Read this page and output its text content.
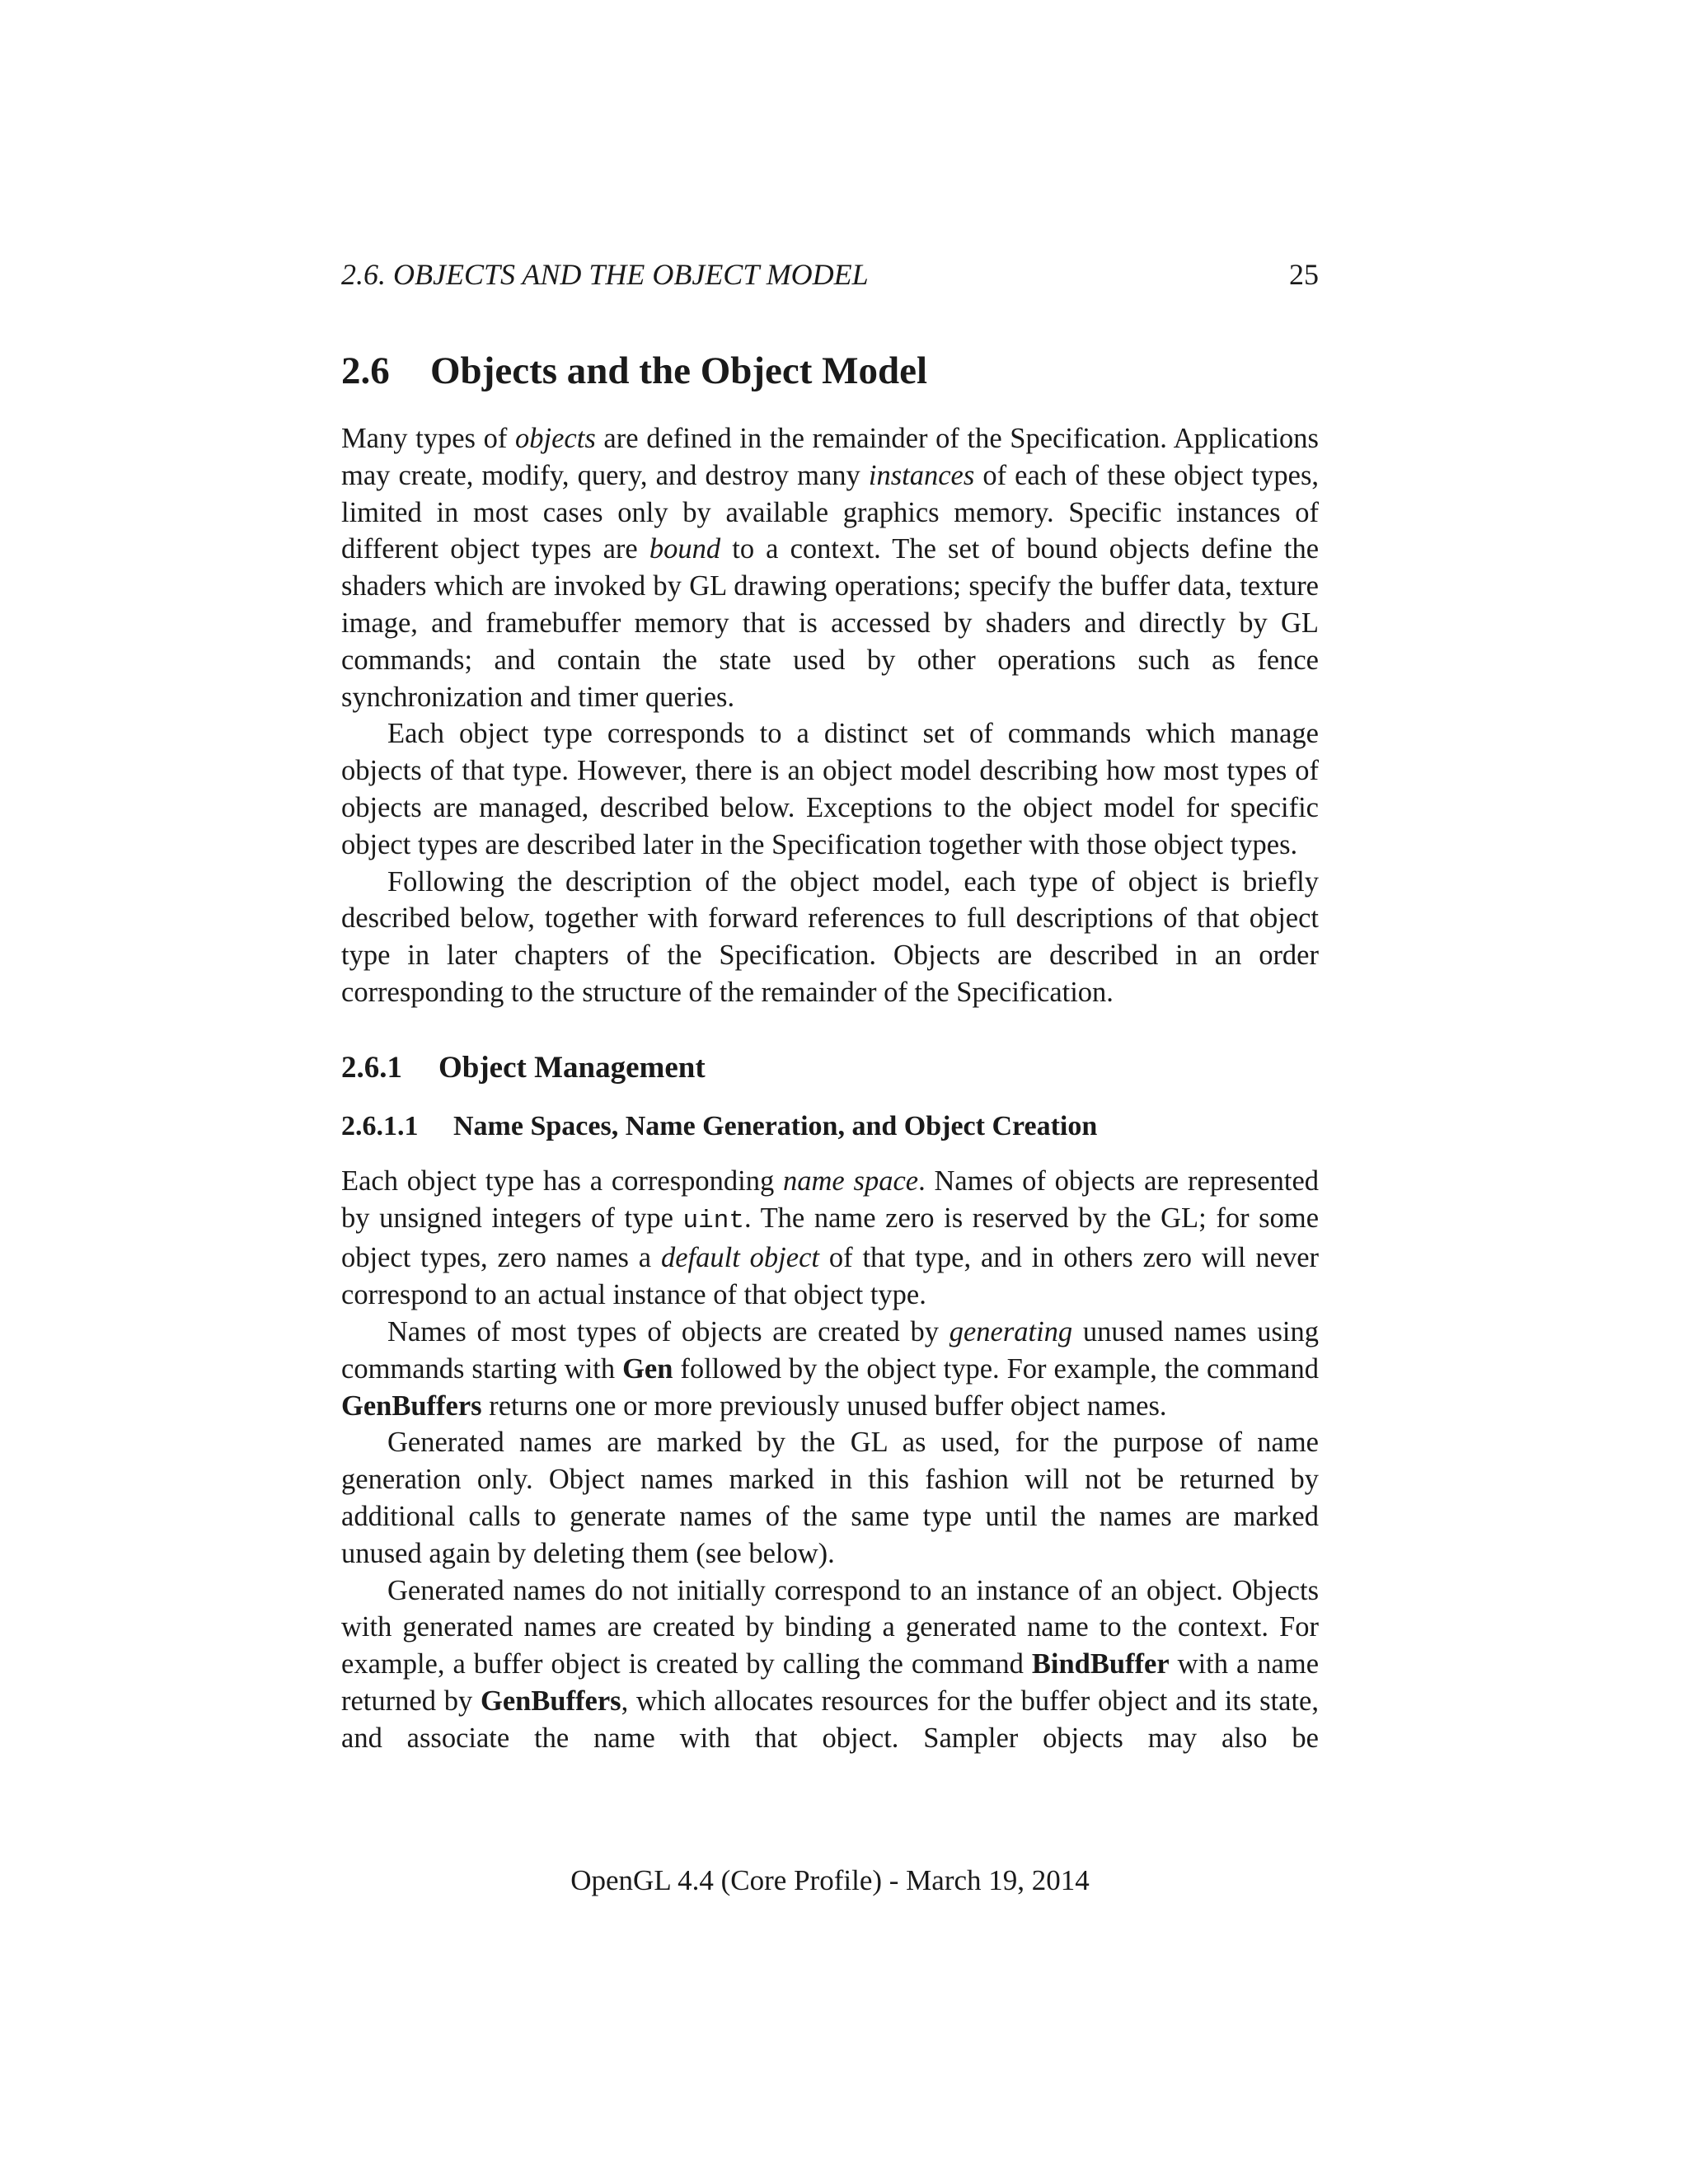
2.6. OBJECTS AND THE OBJECT MODEL	25
2.6 Objects and the Object Model

Many types of objects are defined in the remainder of the Specification. Applications may create, modify, query, and destroy many instances of each of these object types, limited in most cases only by available graphics memory. Specific instances of different object types are bound to a context. The set of bound objects define the shaders which are invoked by GL drawing operations; specify the buffer data, texture image, and framebuffer memory that is accessed by shaders and directly by GL commands; and contain the state used by other operations such as fence synchronization and timer queries.

Each object type corresponds to a distinct set of commands which manage objects of that type. However, there is an object model describing how most types of objects are managed, described below. Exceptions to the object model for specific object types are described later in the Specification together with those object types.

Following the description of the object model, each type of object is briefly described below, together with forward references to full descriptions of that object type in later chapters of the Specification. Objects are described in an order corresponding to the structure of the remainder of the Specification.

2.6.1 Object Management
2.6.1.1 Name Spaces, Name Generation, and Object Creation

Each object type has a corresponding name space. Names of objects are represented by unsigned integers of type uint. The name zero is reserved by the GL; for some object types, zero names a default object of that type, and in others zero will never correspond to an actual instance of that object type.

Names of most types of objects are created by generating unused names using commands starting with Gen followed by the object type. For example, the command GenBuffers returns one or more previously unused buffer object names.

Generated names are marked by the GL as used, for the purpose of name generation only. Object names marked in this fashion will not be returned by additional calls to generate names of the same type until the names are marked unused again by deleting them (see below).

Generated names do not initially correspond to an instance of an object. Objects with generated names are created by binding a generated name to the context. For example, a buffer object is created by calling the command BindBuffer with a name returned by GenBuffers, which allocates resources for the buffer object and its state, and associate the name with that object. Sampler objects may also be

OpenGL 4.4 (Core Profile) - March 19, 2014
